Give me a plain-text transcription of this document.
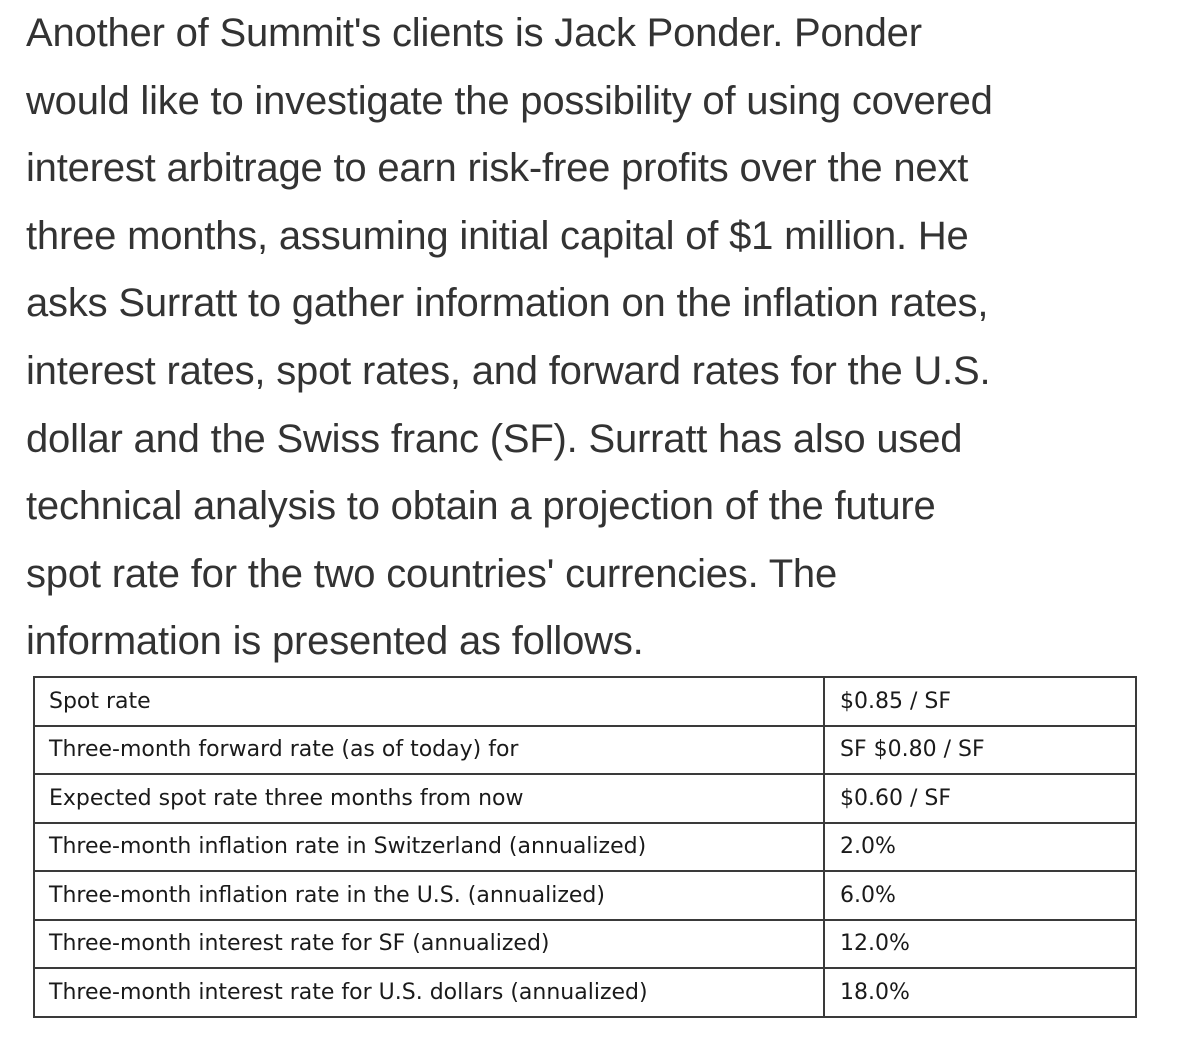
Another of Summit's clients is Jack Ponder. Ponder
would like to investigate the possibility of using covered
interest arbitrage to earn risk-free profits over the next
three months, assuming initial capital of $1 million. He
asks Surratt to gather information on the inflation rates,
interest rates, spot rates, and forward rates for the U.S.
dollar and the Swiss franc (SF). Surratt has also used
technical analysis to obtain a projection of the future
spot rate for the two countries' currencies. The
information is presented as follows.

Spot rate	$0.85 / SF
Three-month forward rate (as of today) for	SF $0.80 / SF
Expected spot rate three months from now	$0.60 / SF
Three-month inflation rate in Switzerland (annualized)	2.0%
Three-month inflation rate in the U.S. (annualized)	6.0%
Three-month interest rate for SF (annualized)	12.0%
Three-month interest rate for U.S. dollars (annualized)	18.0%
